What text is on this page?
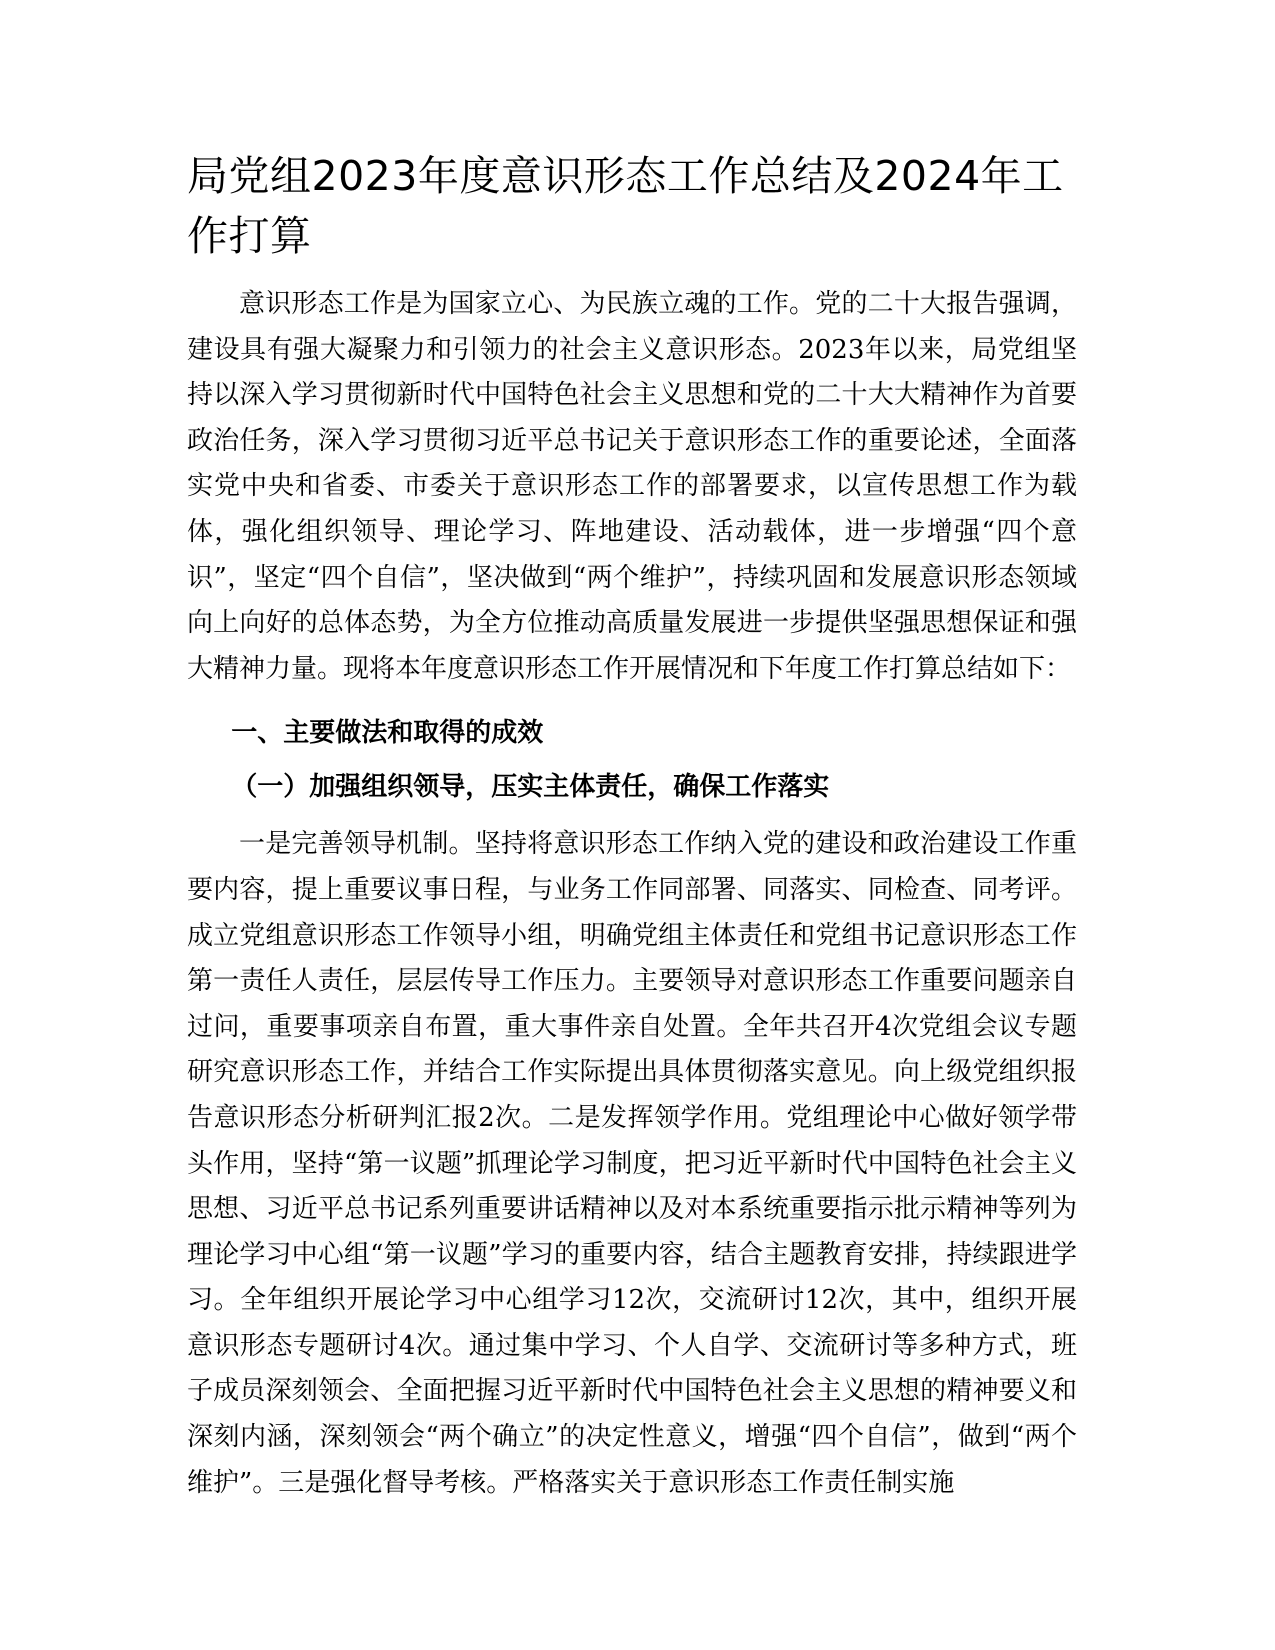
局党组2023年度意识形态工作总结及2024年工作打算

意识形态工作是为国家立心、为民族立魂的工作。党的二十大报告强调，建设具有强大凝聚力和引领力的社会主义意识形态。2023年以来，局党组坚持以深入学习贯彻新时代中国特色社会主义思想和党的二十大大精神作为首要政治任务，深入学习贯彻习近平总书记关于意识形态工作的重要论述，全面落实党中央和省委、市委关于意识形态工作的部署要求，以宣传思想工作为载体，强化组织领导、理论学习、阵地建设、活动载体，进一步增强“四个意识”，坚定“四个自信”，坚决做到“两个维护”，持续巩固和发展意识形态领域向上向好的总体态势，为全方位推动高质量发展进一步提供坚强思想保证和强大精神力量。现将本年度意识形态工作开展情况和下年度工作打算总结如下：

一、主要做法和取得的成效
（一）加强组织领导，压实主体责任，确保工作落实

一是完善领导机制。坚持将意识形态工作纳入党的建设和政治建设工作重要内容，提上重要议事日程，与业务工作同部署、同落实、同检查、同考评。成立党组意识形态工作领导小组，明确党组主体责任和党组书记意识形态工作第一责任人责任，层层传导工作压力。主要领导对意识形态工作重要问题亲自过问，重要事项亲自布置，重大事件亲自处置。全年共召开4次党组会议专题研究意识形态工作，并结合工作实际提出具体贯彻落实意见。向上级党组织报告意识形态分析研判汇报2次。二是发挥领学作用。党组理论中心做好领学带头作用，坚持“第一议题”抓理论学习制度，把习近平新时代中国特色社会主义思想、习近平总书记系列重要讲话精神以及对本系统重要指示批示精神等列为理论学习中心组“第一议题”学习的重要内容，结合主题教育安排，持续跟进学习。全年组织开展论学习中心组学习12次，交流研讨12次，其中，组织开展意识形态专题研讨4次。通过集中学习、个人自学、交流研讨等多种方式，班子成员深刻领会、全面把握习近平新时代中国特色社会主义思想的精神要义和深刻内涵，深刻领会“两个确立”的决定性意义，增强“四个自信”，做到“两个维护”。三是强化督导考核。严格落实关于意识形态工作责任制实施
